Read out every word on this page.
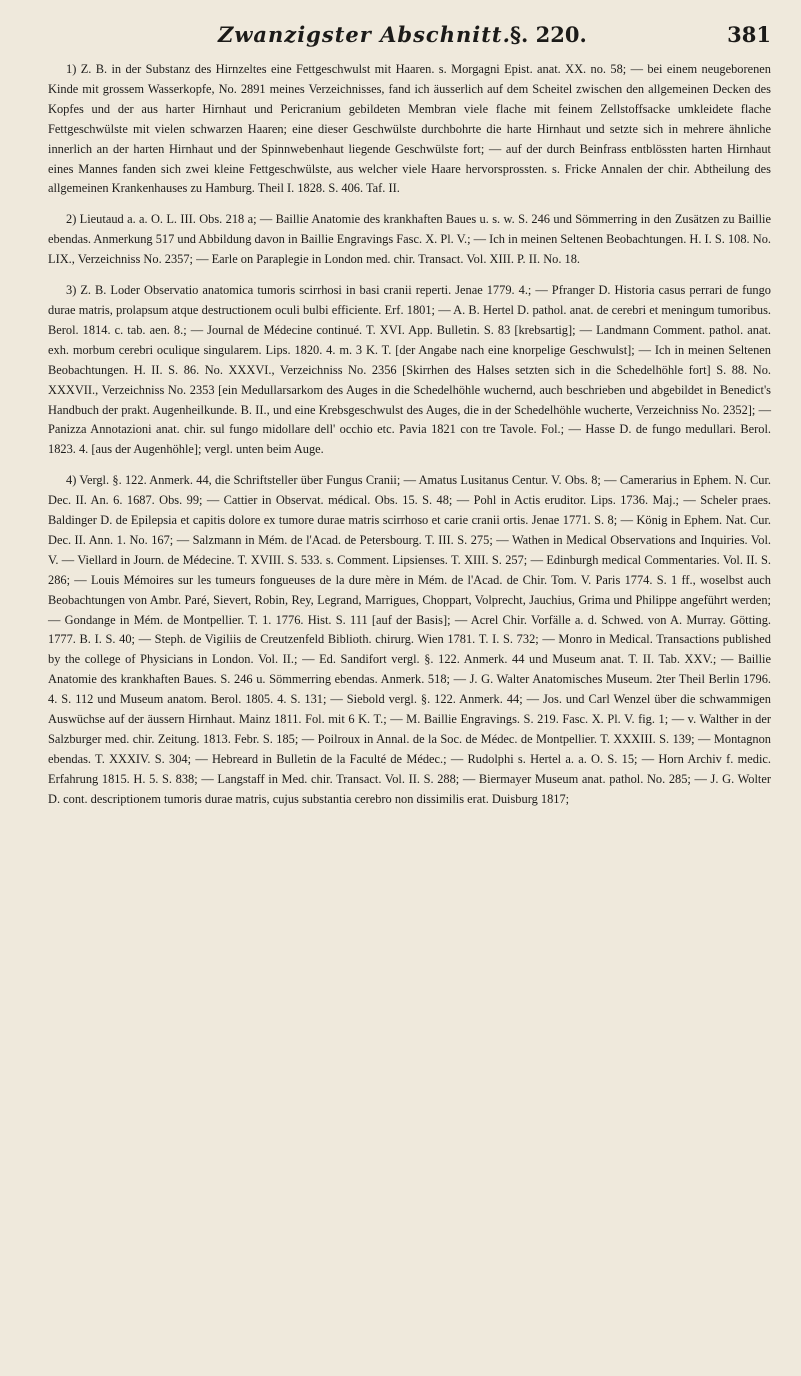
Zwanzigster Abschnitt. §. 220.	381

1) Z. B. in der Substanz des Hirnzeltes eine Fettgeschwulst mit Haaren. s. Morgagni Epist. anat. XX. no. 58; — bei einem neugeborenen Kinde mit grossem Wasserkopfe, No. 2891 meines Verzeichnisses, fand ich äusserlich auf dem Scheitel zwischen den allgemeinen Decken des Kopfes und der aus harter Hirnhaut und Pericranium gebildeten Membran viele flache mit feinem Zellstoffsacke umkleidete flache Fettgeschwülste mit vielen schwarzen Haaren; eine dieser Geschwülste durchbohrte die harte Hirnhaut und setzte sich in mehrere ähnliche innerlich an der harten Hirnhaut und der Spinnwebenhaut liegende Geschwülste fort; — auf der durch Beinfrass entblössten harten Hirnhaut eines Mannes fanden sich zwei kleine Fettgeschwülste, aus welcher viele Haare hervorsprossten. s. Fricke Annalen der chir. Abtheilung des allgemeinen Krankenhauses zu Hamburg. Theil I. 1828. S. 406. Taf. II.

2) Lieutaud a. a. O. L. III. Obs. 218 a; — Baillie Anatomie des krankhaften Baues u. s. w. S. 246 und Sömmerring in den Zusätzen zu Baillie ebendas. Anmerkung 517 und Abbildung davon in Baillie Engravings Fasc. X. Pl. V.; — Ich in meinen Seltenen Beobachtungen. H. I. S. 108. No. LIX., Verzeichniss No. 2357; — Earle on Paraplegie in London med. chir. Transact. Vol. XIII. P. II. No. 18.

3) Z. B. Loder Observatio anatomica tumoris scirrhosi in basi cranii reperti. Jenae 1779. 4.; — Pfranger D. Historia casus perrari de fungo durae matris, prolapsum atque destructionem oculi bulbi efficiente. Erf. 1801; — A. B. Hertel D. pathol. anat. de cerebri et meningum tumoribus. Berol. 1814. c. tab. aen. 8.; — Journal de Médecine continué. T. XVI. App. Bulletin. S. 83 [krebsartig]; — Landmann Comment. pathol. anat. exh. morbum cerebri oculique singularem. Lips. 1820. 4. m. 3 K. T. [der Angabe nach eine knorpelige Geschwulst]; — Ich in meinen Seltenen Beobachtungen. H. II. S. 86. No. XXXVI., Verzeichniss No. 2356 [Skirrhen des Halses setzten sich in die Schedelhöhle fort] S. 88. No. XXXVII., Verzeichniss No. 2353 [ein Medullarsarkom des Auges in die Schedelhöhle wuchernd, auch beschrieben und abgebildet in Benedict's Handbuch der prakt. Augenheilkunde. B. II., und eine Krebsgeschwulst des Auges, die in der Schedelhöhle wucherte, Verzeichniss No. 2352]; — Panizza Annotazioni anat. chir. sul fungo midollare dell' occhio etc. Pavia 1821 con tre Tavole. Fol.; — Hasse D. de fungo medullari. Berol. 1823. 4. [aus der Augenhöhle]; vergl. unten beim Auge.

4) Vergl. §. 122. Anmerk. 44, die Schriftsteller über Fungus Cranii; — Amatus Lusitanus Centur. V. Obs. 8; — Camerarius in Ephem. N. Cur. Dec. II. An. 6. 1687. Obs. 99; — Cattier in Observat. médical. Obs. 15. S. 48; — Pohl in Actis eruditor. Lips. 1736. Maj.; — Scheler praes. Baldinger D. de Epilepsia et capitis dolore ex tumore durae matris scirrhoso et carie cranii ortis. Jenae 1771. S. 8; — König in Ephem. Nat. Cur. Dec. II. Ann. 1. No. 167; — Salzmann in Mém. de l'Acad. de Petersbourg. T. III. S. 275; — Wathen in Medical Observations and Inquiries. Vol. V. — Viellard in Journ. de Médecine. T. XVIII. S. 533. s. Comment. Lipsienses. T. XIII. S. 257; — Edinburgh medical Commentaries. Vol. II. S. 286; — Louis Mémoires sur les tumeurs fongueuses de la dure mère in Mém. de l'Acad. de Chir. Tom. V. Paris 1774. S. 1 ff., woselbst auch Beobachtungen von Ambr. Paré, Sievert, Robin, Rey, Legrand, Marrigues, Choppart, Volprecht, Jauchius, Grima und Philippe angeführt werden; — Gondange in Mém. de Montpellier. T. 1. 1776. Hist. S. 111 [auf der Basis]; — Acrel Chir. Vorfälle a. d. Schwed. von A. Murray. Götting. 1777. B. I. S. 40; — Steph. de Vigiliis de Creutzenfeld Biblioth. chirurg. Wien 1781. T. I. S. 732; — Monro in Medical. Transactions published by the college of Physicians in London. Vol. II.; — Ed. Sandifort vergl. §. 122. Anmerk. 44 und Museum anat. T. II. Tab. XXV.; — Baillie Anatomie des krankhaften Baues. S. 246 u. Sömmerring ebendas. Anmerk. 518; — J. G. Walter Anatomisches Museum. 2ter Theil Berlin 1796. 4. S. 112 und Museum anatom. Berol. 1805. 4. S. 131; — Siebold vergl. §. 122. Anmerk. 44; — Jos. und Carl Wenzel über die schwammigen Auswüchse auf der äussern Hirnhaut. Mainz 1811. Fol. mit 6 K. T.; — M. Baillie Engravings. S. 219. Fasc. X. Pl. V. fig. 1; — v. Walther in der Salzburger med. chir. Zeitung. 1813. Febr. S. 185; — Poilroux in Annal. de la Soc. de Médec. de Montpellier. T. XXXIII. S. 139; — Montagnon ebendas. T. XXXIV. S. 304; — Hebreard in Bulletin de la Faculté de Médec.; — Rudolphi s. Hertel a. a. O. S. 15; — Horn Archiv f. medic. Erfahrung 1815. H. 5. S. 838; — Langstaff in Med. chir. Transact. Vol. II. S. 288; — Biermayer Museum anat. pathol. No. 285; — J. G. Wolter D. cont. descriptionem tumoris durae matris, cujus substantia cerebro non dissimilis erat. Duisburg 1817;
